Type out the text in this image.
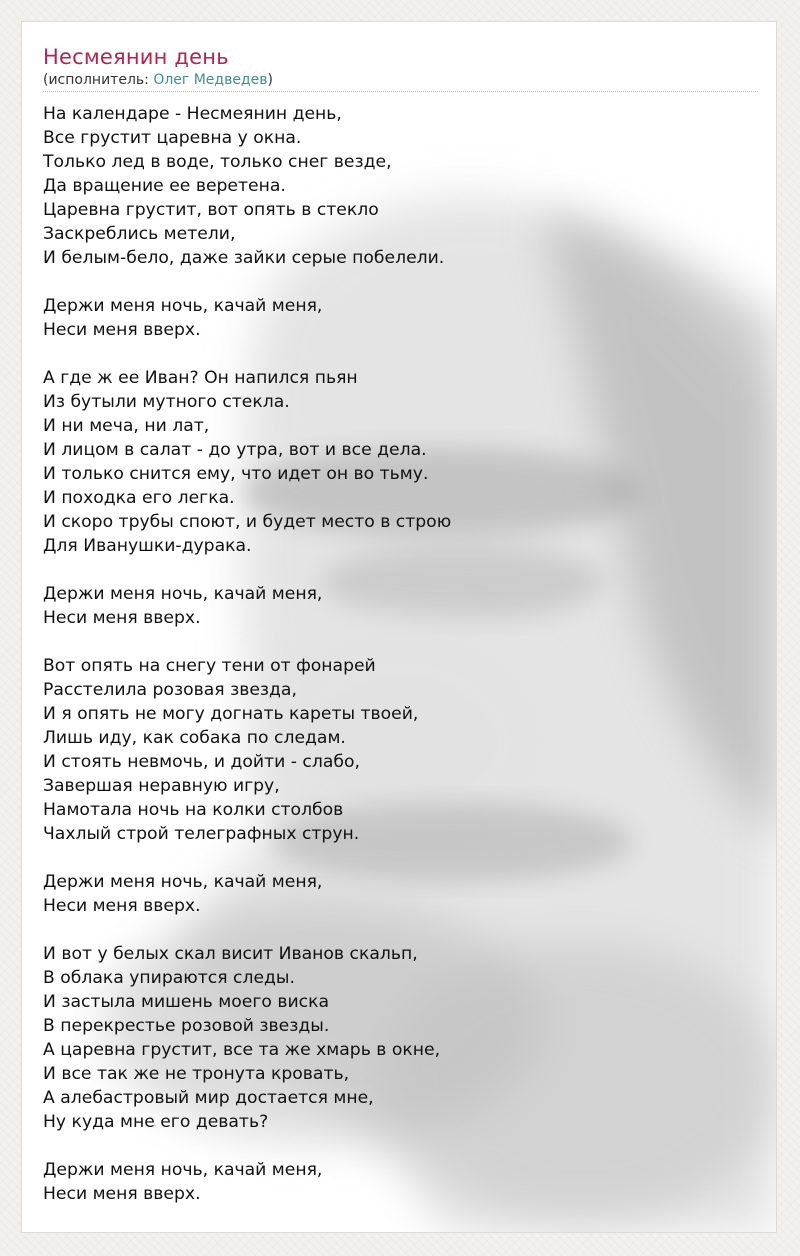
Несмеянин день
(исполнитель: Олег Медведев)
На календаре - Несмеянин день,
Все грустит царевна у окна.
Только лед в воде, только снег везде,
Да вращение ее веретена.
Царевна грустит, вот опять в стекло
Заскреблись метели,
И белым-бело, даже зайки серые побелели.
Держи меня ночь, качай меня,
Неси меня вверх.
А где ж ее Иван? Он напился пьян
Из бутыли мутного стекла.
И ни меча, ни лат,
И лицом в салат - до утра, вот и все дела.
И только снится ему, что идет он во тьму.
И походка его легка.
И скоро трубы споют, и будет место в строю
Для Иванушки-дурака.
Держи меня ночь, качай меня,
Неси меня вверх.
Вот опять на снегу тени от фонарей
Расстелила розовая звезда,
И я опять не могу догнать кареты твоей,
Лишь иду, как собака по следам.
И стоять невмочь, и дойти - слабо,
Завершая неравную игру,
Намотала ночь на колки столбов
Чахлый строй телеграфных струн.
Держи меня ночь, качай меня,
Неси меня вверх.
И вот у белых скал висит Иванов скальп,
В облака упираются следы.
И застыла мишень моего виска
В перекрестье розовой звезды.
А царевна грустит, все та же хмарь в окне,
И все так же не тронута кровать,
А алебастровый мир достается мне,
Ну куда мне его девать?
Держи меня ночь, качай меня,
Неси меня вверх.
